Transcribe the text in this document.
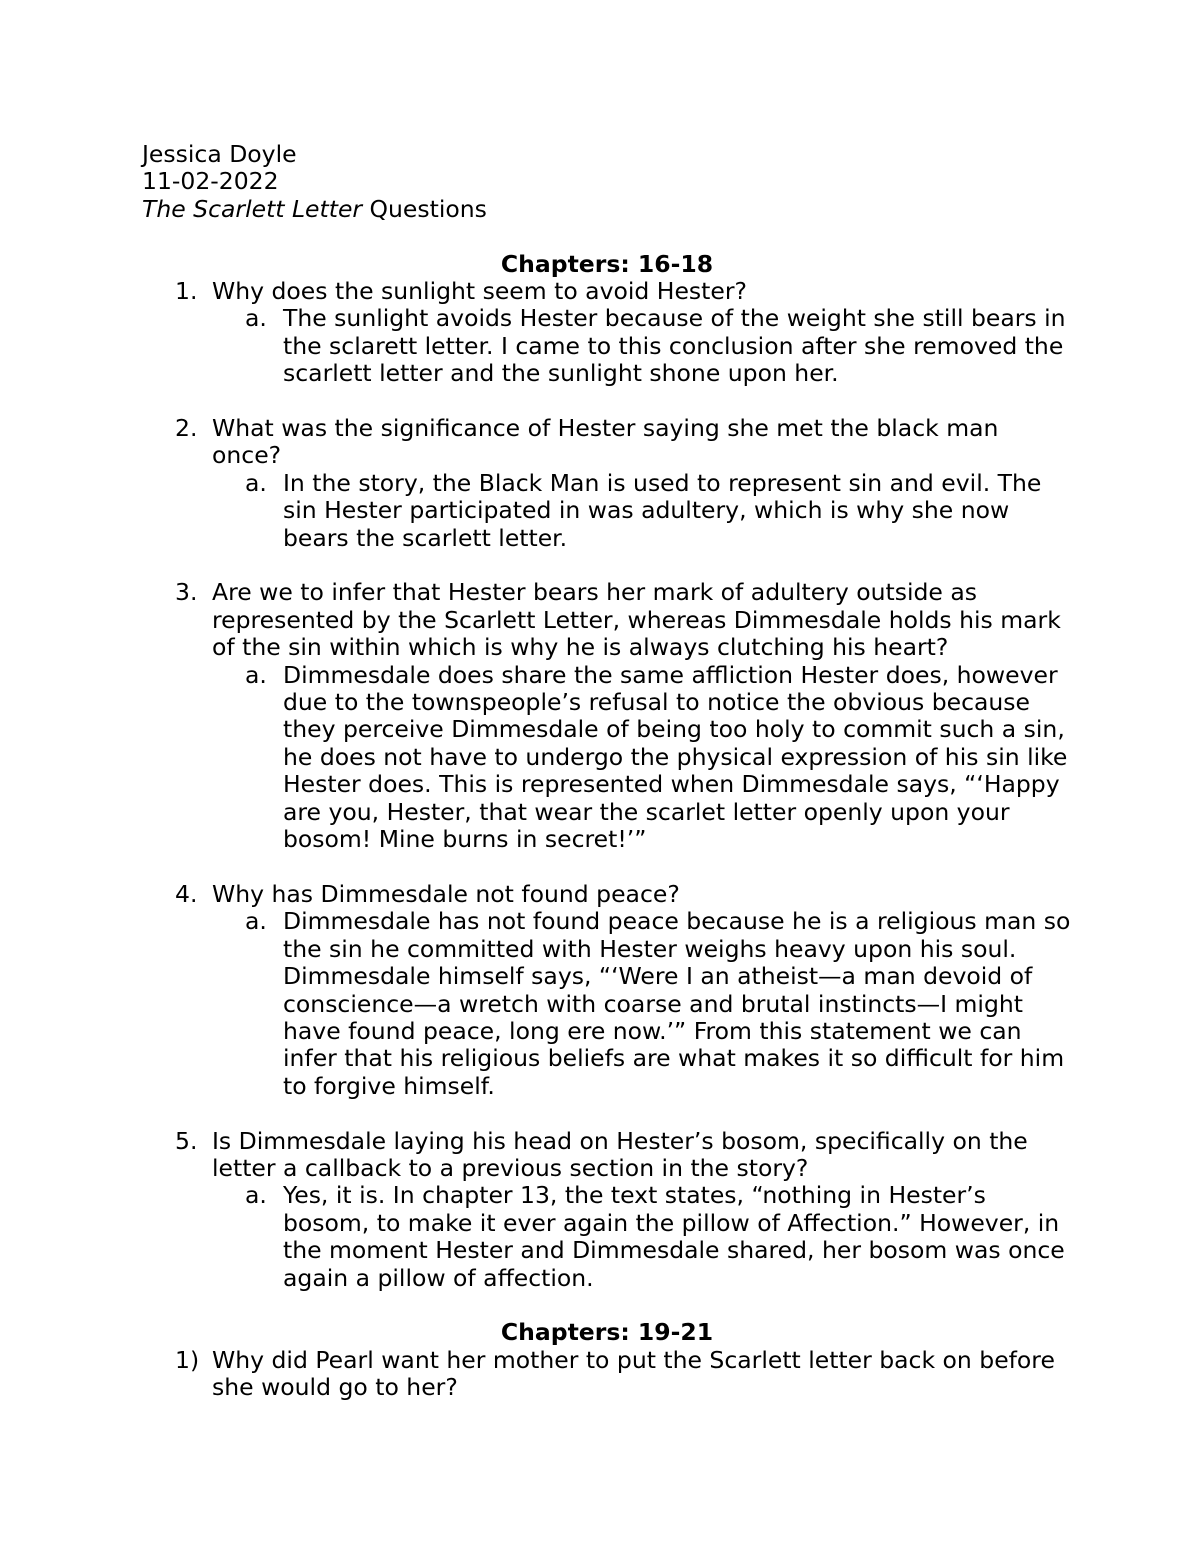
Jessica Doyle
11-02-2022
The Scarlett Letter Questions
Chapters: 16-18
1. Why does the sunlight seem to avoid Hester?
a. The sunlight avoids Hester because of the weight she still bears in the sclarett letter. I came to this conclusion after she removed the scarlett letter and the sunlight shone upon her.
2. What was the significance of Hester saying she met the black man once?
a. In the story, the Black Man is used to represent sin and evil. The sin Hester participated in was adultery, which is why she now bears the scarlett letter.
3. Are we to infer that Hester bears her mark of adultery outside as represented by the Scarlett Letter, whereas Dimmesdale holds his mark of the sin within which is why he is always clutching his heart?
a. Dimmesdale does share the same affliction Hester does, however due to the townspeople’s refusal to notice the obvious because they perceive Dimmesdale of being too holy to commit such a sin, he does not have to undergo the physical expression of his sin like Hester does. This is represented when Dimmesdale says, “‘Happy are you, Hester, that wear the scarlet letter openly upon your bosom! Mine burns in secret!’”
4. Why has Dimmesdale not found peace?
a. Dimmesdale has not found peace because he is a religious man so the sin he committed with Hester weighs heavy upon his soul. Dimmesdale himself says, “‘Were I an atheist—a man devoid of conscience—a wretch with coarse and brutal instincts—I might have found peace, long ere now.’” From this statement we can infer that his religious beliefs are what makes it so difficult for him to forgive himself.
5. Is Dimmesdale laying his head on Hester’s bosom, specifically on the letter a callback to a previous section in the story?
a. Yes, it is. In chapter 13, the text states, “nothing in Hester’s bosom, to make it ever again the pillow of Affection.” However, in the moment Hester and Dimmesdale shared, her bosom was once again a pillow of affection.
Chapters: 19-21
1) Why did Pearl want her mother to put the Scarlett letter back on before she would go to her?
